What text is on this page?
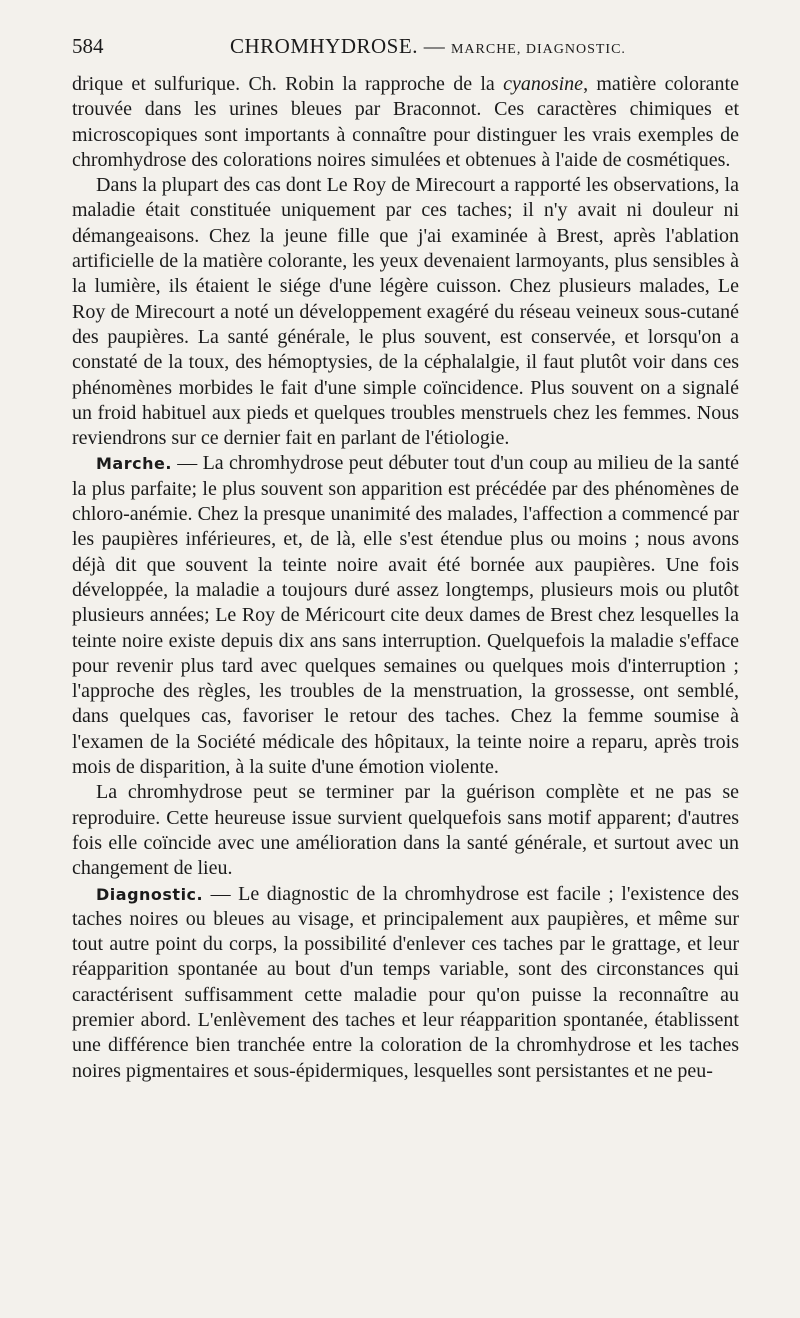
584	CHROMHYDROSE. — MARCHE, DIAGNOSTIC.

drique et sulfurique. Ch. Robin la rapproche de la cyanosine, matière colorante trouvée dans les urines bleues par Braconnot. Ces caractères chimiques et microscopiques sont importants à connaître pour distinguer les vrais exemples de chromhydrose des colorations noires simulées et obtenues à l'aide de cosmétiques.

Dans la plupart des cas dont Le Roy de Mirecourt a rapporté les observations, la maladie était constituée uniquement par ces taches; il n'y avait ni douleur ni démangeaisons. Chez la jeune fille que j'ai examinée à Brest, après l'ablation artificielle de la matière colorante, les yeux devenaient larmoyants, plus sensibles à la lumière, ils étaient le siége d'une légère cuisson. Chez plusieurs malades, Le Roy de Mirecourt a noté un développement exagéré du réseau veineux sous-cutané des paupières. La santé générale, le plus souvent, est conservée, et lorsqu'on a constaté de la toux, des hémoptysies, de la céphalalgie, il faut plutôt voir dans ces phénomènes morbides le fait d'une simple coïncidence. Plus souvent on a signalé un froid habituel aux pieds et quelques troubles menstruels chez les femmes. Nous reviendrons sur ce dernier fait en parlant de l'étiologie.

Marche. — La chromhydrose peut débuter tout d'un coup au milieu de la santé la plus parfaite; le plus souvent son apparition est précédée par des phénomènes de chloro-anémie. Chez la presque unanimité des malades, l'affection a commencé par les paupières inférieures, et, de là, elle s'est étendue plus ou moins ; nous avons déjà dit que souvent la teinte noire avait été bornée aux paupières. Une fois développée, la maladie a toujours duré assez longtemps, plusieurs mois ou plutôt plusieurs années; Le Roy de Méricourt cite deux dames de Brest chez lesquelles la teinte noire existe depuis dix ans sans interruption. Quelquefois la maladie s'efface pour revenir plus tard avec quelques semaines ou quelques mois d'interruption ; l'approche des règles, les troubles de la menstruation, la grossesse, ont semblé, dans quelques cas, favoriser le retour des taches. Chez la femme soumise à l'examen de la Société médicale des hôpitaux, la teinte noire a reparu, après trois mois de disparition, à la suite d'une émotion violente.

La chromhydrose peut se terminer par la guérison complète et ne pas se reproduire. Cette heureuse issue survient quelquefois sans motif apparent; d'autres fois elle coïncide avec une amélioration dans la santé générale, et surtout avec un changement de lieu.

Diagnostic. — Le diagnostic de la chromhydrose est facile ; l'existence des taches noires ou bleues au visage, et principalement aux paupières, et même sur tout autre point du corps, la possibilité d'enlever ces taches par le grattage, et leur réapparition spontanée au bout d'un temps variable, sont des circonstances qui caractérisent suffisamment cette maladie pour qu'on puisse la reconnaître au premier abord. L'enlèvement des taches et leur réapparition spontanée, établissent une différence bien tranchée entre la coloration de la chromhydrose et les taches noires pigmentaires et sous-épidermiques, lesquelles sont persistantes et ne peu-
